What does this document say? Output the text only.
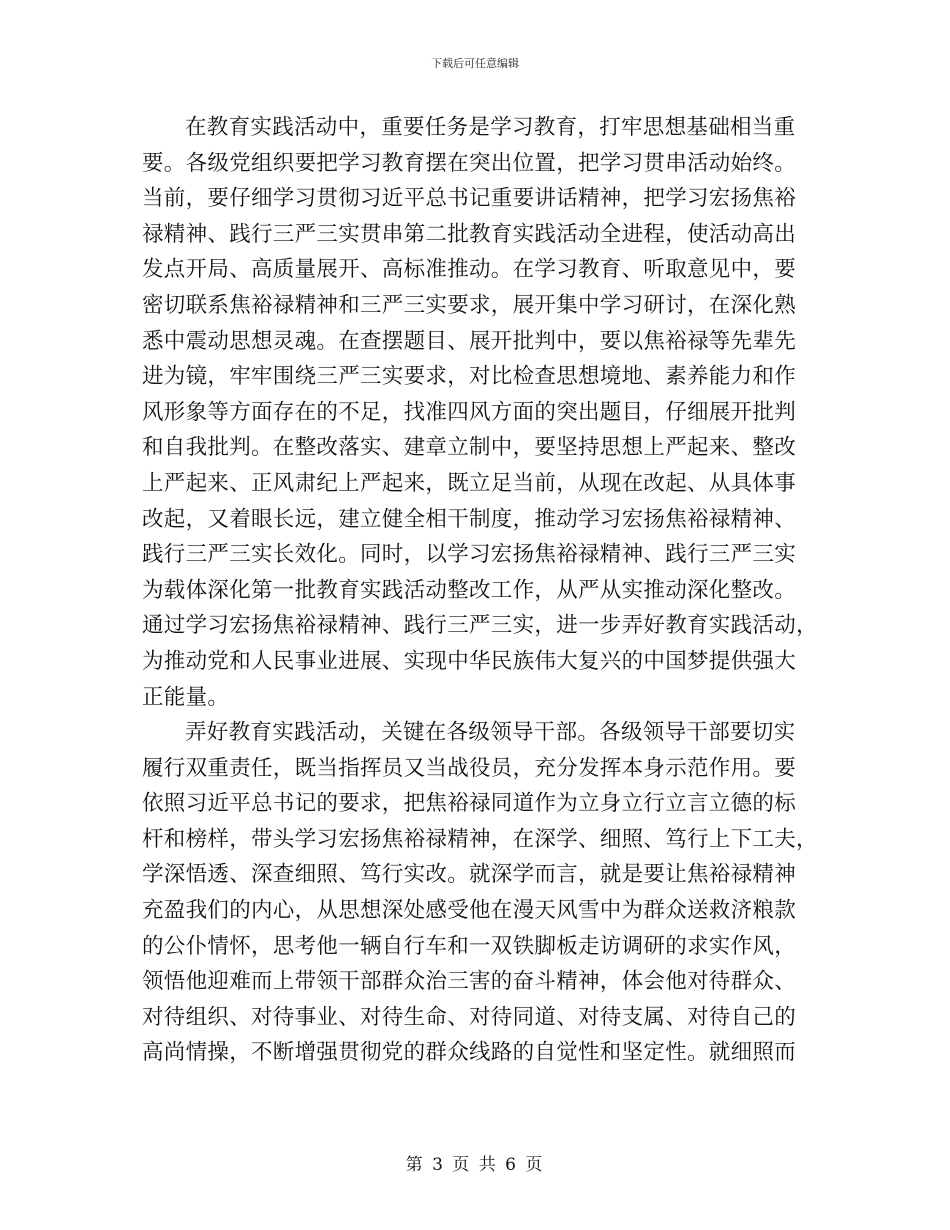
下载后可任意编辑
在教育实践活动中，重要任务是学习教育，打牢思想基础相当重
要。各级党组织要把学习教育摆在突出位置，把学习贯串活动始终。
当前，要仔细学习贯彻习近平总书记重要讲话精神，把学习宏扬焦裕
禄精神、践行三严三实贯串第二批教育实践活动全进程，使活动高出
发点开局、高质量展开、高标准推动。在学习教育、听取意见中，要
密切联系焦裕禄精神和三严三实要求，展开集中学习研讨，在深化熟
悉中震动思想灵魂。在查摆题目、展开批判中，要以焦裕禄等先辈先
进为镜，牢牢围绕三严三实要求，对比检查思想境地、素养能力和作
风形象等方面存在的不足，找准四风方面的突出题目，仔细展开批判
和自我批判。在整改落实、建章立制中，要坚持思想上严起来、整改
上严起来、正风肃纪上严起来，既立足当前，从现在改起、从具体事
改起，又着眼长远，建立健全相干制度，推动学习宏扬焦裕禄精神、
践行三严三实长效化。同时，以学习宏扬焦裕禄精神、践行三严三实
为载体深化第一批教育实践活动整改工作，从严从实推动深化整改。
通过学习宏扬焦裕禄精神、践行三严三实，进一步弄好教育实践活动，
为推动党和人民事业进展、实现中华民族伟大复兴的中国梦提供强大
正能量。
弄好教育实践活动，关键在各级领导干部。各级领导干部要切实
履行双重责任，既当指挥员又当战役员，充分发挥本身示范作用。要
依照习近平总书记的要求，把焦裕禄同道作为立身立行立言立德的标
杆和榜样，带头学习宏扬焦裕禄精神，在深学、细照、笃行上下工夫，
学深悟透、深查细照、笃行实改。就深学而言，就是要让焦裕禄精神
充盈我们的内心，从思想深处感受他在漫天风雪中为群众送救济粮款
的公仆情怀，思考他一辆自行车和一双铁脚板走访调研的求实作风，
领悟他迎难而上带领干部群众治三害的奋斗精神，体会他对待群众、
对待组织、对待事业、对待生命、对待同道、对待支属、对待自己的
高尚情操，不断增强贯彻党的群众线路的自觉性和坚定性。就细照而
第 3 页 共 6 页
